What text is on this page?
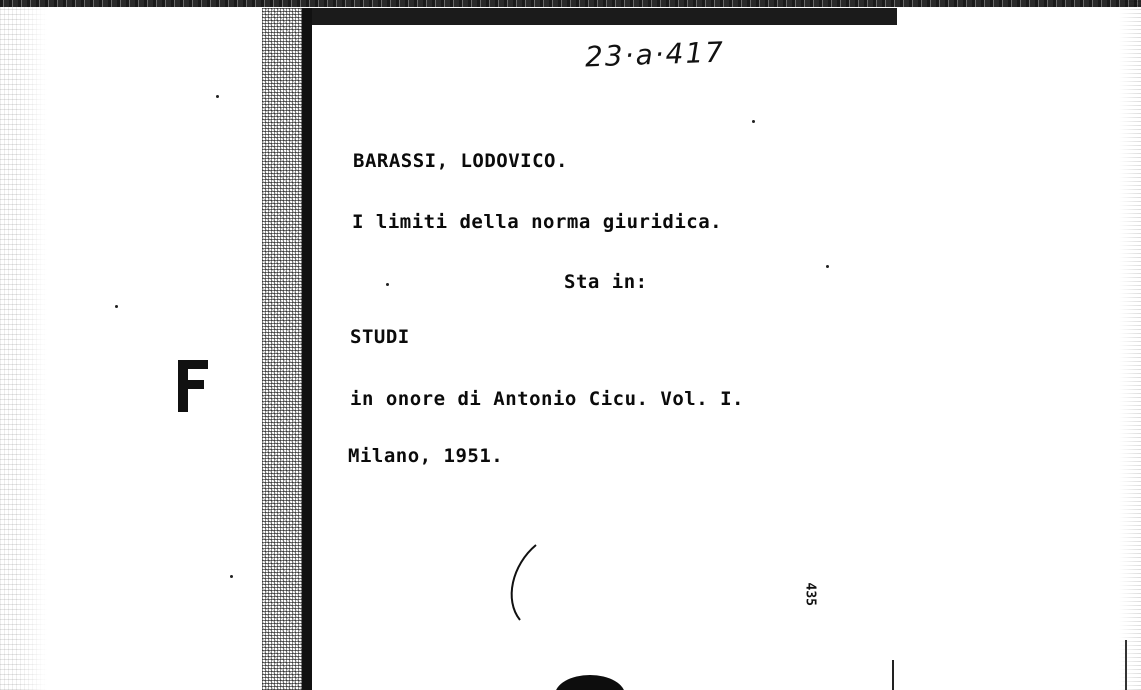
23·a·417
BARASSI, LODOVICO.
I limiti della norma giuridica.
Sta in:
STUDI
in onore di Antonio Cicu. Vol. I.
Milano, 1951.
435
